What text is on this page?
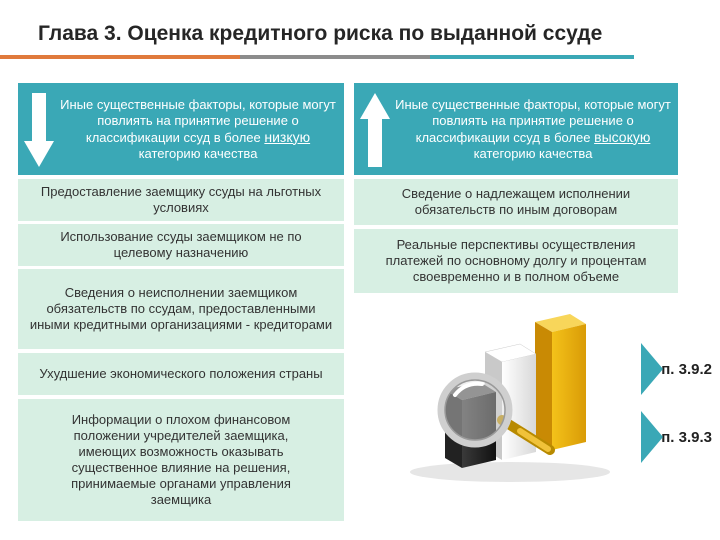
Глава 3. Оценка кредитного риска по выданной ссуде
Иные существенные факторы, которые могут повлиять на принятие решение о классификации ссуд в более низкую категорию качества
Иные существенные факторы, которые могут повлиять на принятие решение о классификации ссуд в более высокую категорию качества
Предоставление заемщику ссуды на льготных условиях
Использование ссуды заемщиком не по целевому назначению
Сведения о неисполнении заемщиком обязательств по ссудам, предоставленными иными кредитными организациями - кредиторами
Ухудшение экономического положения страны
Информации о плохом финансовом положении учредителей заемщика, имеющих возможность оказывать существенное влияние на решения, принимаемые органами управления заемщика
Сведение о надлежащем исполнении обязательств по иным договорам
Реальные перспективы осуществления платежей по основному долгу и процентам своевременно и в полном объеме
п. 3.9.2
п. 3.9.3
